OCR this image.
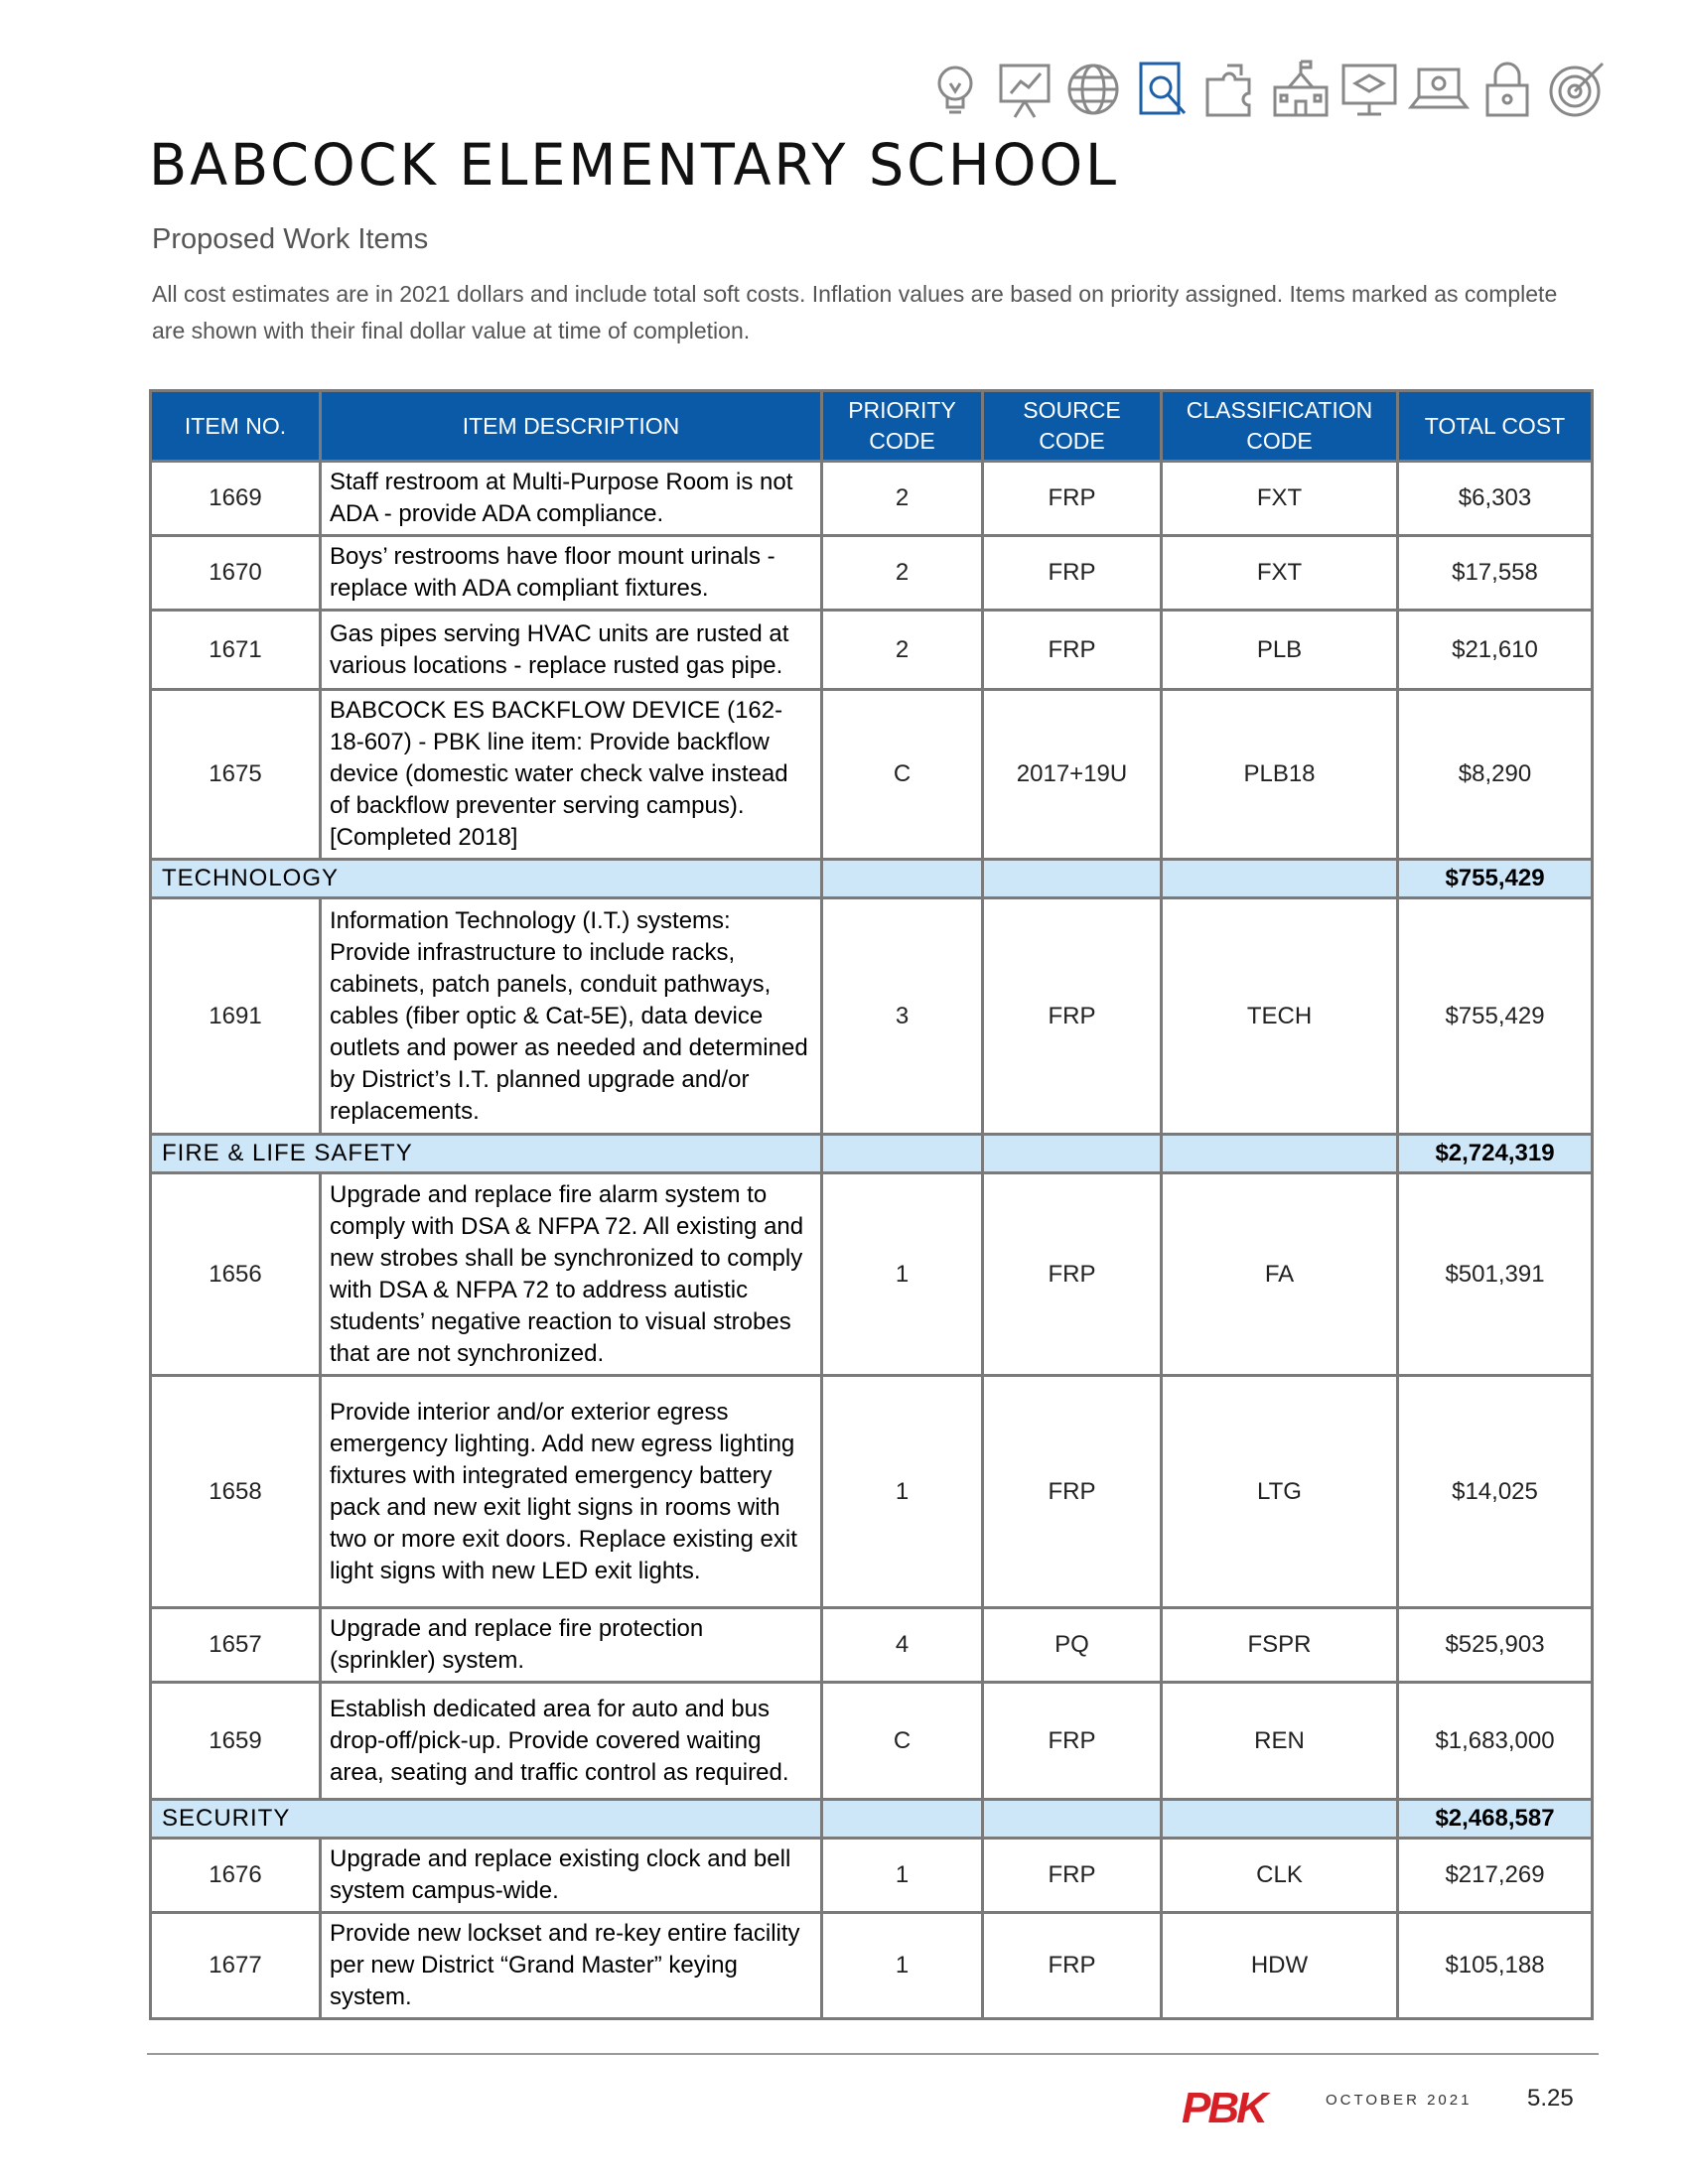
BABCOCK ELEMENTARY SCHOOL
Proposed Work Items
All cost estimates are in 2021 dollars and include total soft costs. Inflation values are based on priority assigned. Items marked as complete are shown with their final dollar value at time of completion.
ITEM NO.	ITEM DESCRIPTION	PRIORITY CODE	SOURCE CODE	CLASSIFICATION CODE	TOTAL COST
1669	Staff restroom at Multi-Purpose Room is not ADA - provide ADA compliance.	2	FRP	FXT	$6,303
1670	Boys’ restrooms have floor mount urinals - replace with ADA compliant fixtures.	2	FRP	FXT	$17,558
1671	Gas pipes serving HVAC units are rusted at various locations - replace rusted gas pipe.	2	FRP	PLB	$21,610
1675	BABCOCK ES BACKFLOW DEVICE (162-18-607) - PBK line item: Provide backflow device (domestic water check valve instead of backflow preventer serving campus). [Completed 2018]	C	2017+19U	PLB18	$8,290
TECHNOLOGY					$755,429
1691	Information Technology (I.T.) systems: Provide infrastructure to include racks, cabinets, patch panels, conduit pathways, cables (fiber optic & Cat-5E), data device outlets and power as needed and determined by District’s I.T. planned upgrade and/or replacements.	3	FRP	TECH	$755,429
FIRE & LIFE SAFETY					$2,724,319
1656	Upgrade and replace fire alarm system to comply with DSA & NFPA 72. All existing and new strobes shall be synchronized to comply with DSA & NFPA 72 to address autistic students’ negative reaction to visual strobes that are not synchronized.	1	FRP	FA	$501,391
1658	Provide interior and/or exterior egress emergency lighting. Add new egress lighting fixtures with integrated emergency battery pack and new exit light signs in rooms with two or more exit doors. Replace existing exit light signs with new LED exit lights.	1	FRP	LTG	$14,025
1657	Upgrade and replace fire protection (sprinkler) system.	4	PQ	FSPR	$525,903
1659	Establish dedicated area for auto and bus drop-off/pick-up. Provide covered waiting area, seating and traffic control as required.	C	FRP	REN	$1,683,000
SECURITY					$2,468,587
1676	Upgrade and replace existing clock and bell system campus-wide.	1	FRP	CLK	$217,269
1677	Provide new lockset and re-key entire facility per new District “Grand Master” keying system.	1	FRP	HDW	$105,188
PBK	OCTOBER 2021 5.25
